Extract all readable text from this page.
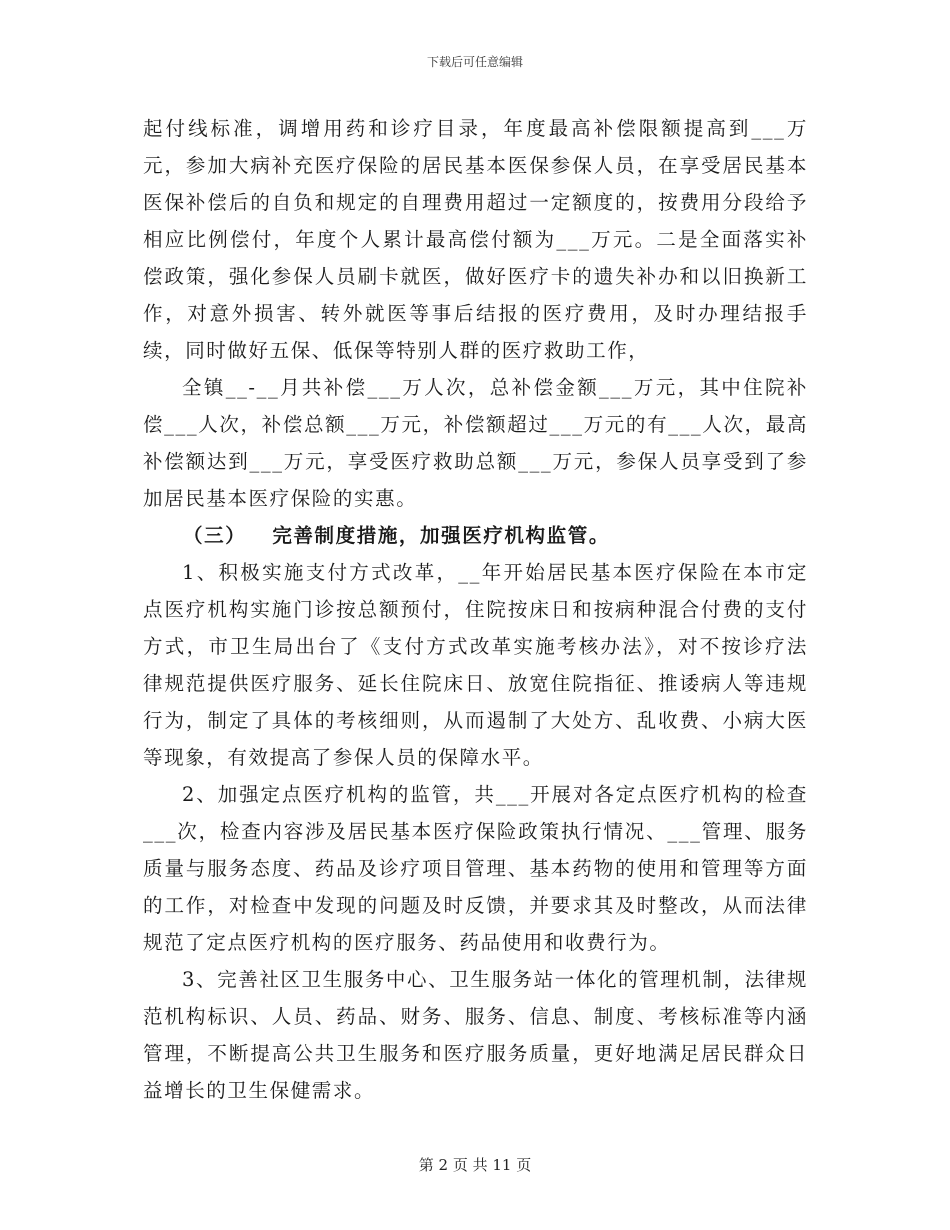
下载后可任意编辑

起付线标准，调增用药和诊疗目录，年度最高补偿限额提高到___万元，参加大病补充医疗保险的居民基本医保参保人员，在享受居民基本医保补偿后的自负和规定的自理费用超过一定额度的，按费用分段给予相应比例偿付，年度个人累计最高偿付额为___万元。二是全面落实补偿政策，强化参保人员刷卡就医，做好医疗卡的遗失补办和以旧换新工作，对意外损害、转外就医等事后结报的医疗费用，及时办理结报手续，同时做好五保、低保等特别人群的医疗救助工作，

全镇__-__月共补偿___万人次，总补偿金额___万元，其中住院补偿___人次，补偿总额___万元，补偿额超过___万元的有___人次，最高补偿额达到___万元，享受医疗救助总额___万元，参保人员享受到了参加居民基本医疗保险的实惠。

（三） 完善制度措施，加强医疗机构监管。

1、积极实施支付方式改革，__年开始居民基本医疗保险在本市定点医疗机构实施门诊按总额预付，住院按床日和按病种混合付费的支付方式，市卫生局出台了《支付方式改革实施考核办法》，对不按诊疗法律规范提供医疗服务、延长住院床日、放宽住院指征、推诿病人等违规行为，制定了具体的考核细则，从而遏制了大处方、乱收费、小病大医等现象，有效提高了参保人员的保障水平。

2、加强定点医疗机构的监管，共___开展对各定点医疗机构的检查___次，检查内容涉及居民基本医疗保险政策执行情况、___管理、服务质量与服务态度、药品及诊疗项目管理、基本药物的使用和管理等方面的工作，对检查中发现的问题及时反馈，并要求其及时整改，从而法律规范了定点医疗机构的医疗服务、药品使用和收费行为。

3、完善社区卫生服务中心、卫生服务站一体化的管理机制，法律规范机构标识、人员、药品、财务、服务、信息、制度、考核标准等内涵管理，不断提高公共卫生服务和医疗服务质量，更好地满足居民群众日益增长的卫生保健需求。

第 2 页 共 11 页
